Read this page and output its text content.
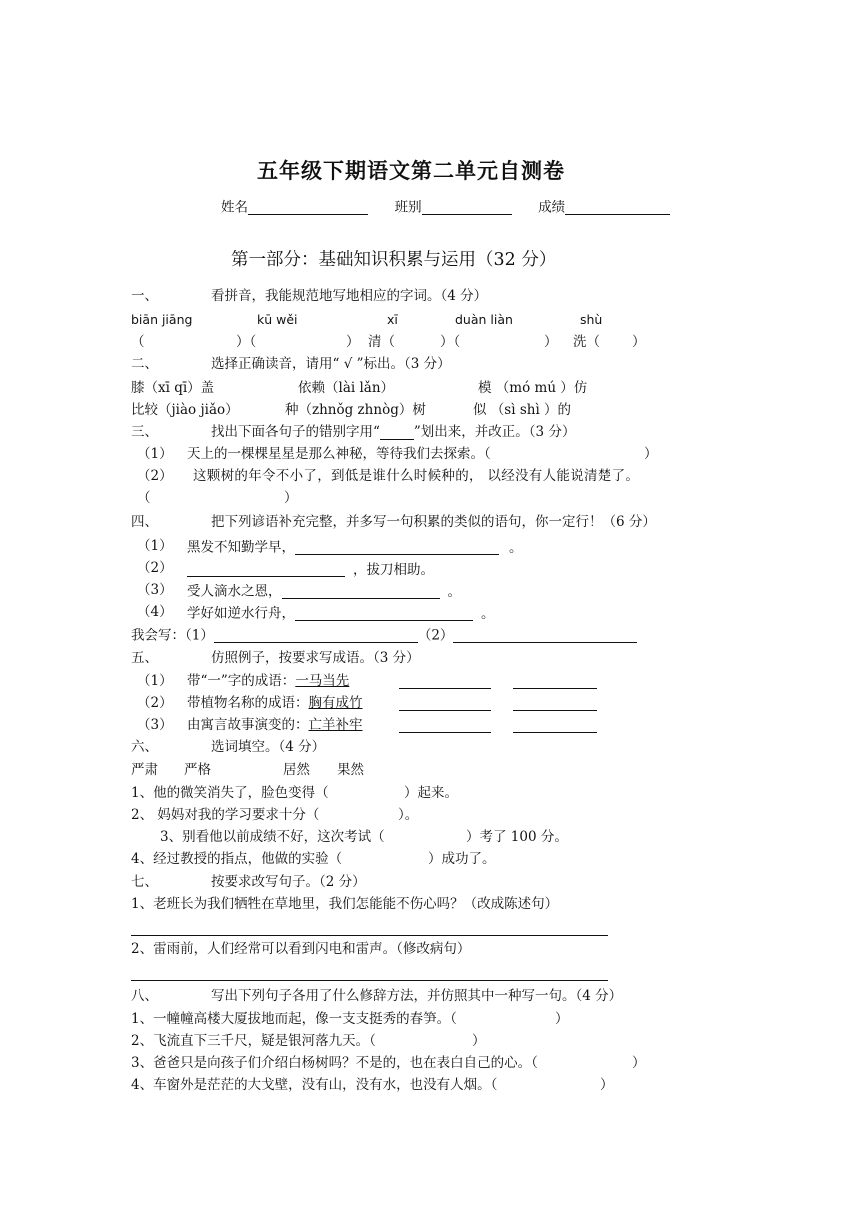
五年级下期语文第二单元自测卷
姓名	班别	成绩
第一部分：基础知识积累与运用（32 分）
一、	看拼音，我能规范地写地相应的字词。（4 分）
biān jiāng	kū wěi	xī	duàn liàn	shù
（	）（	） 清（	）（	） 洗（ ）
二、	选择正确读音，请用“ √ ”标出。（3 分）
膝（xī qī）盖	依赖（lài lǎn）	模 （mó mú ）仿
比较（jiào jiǎo）	种（zhnǒg zhnòg）树	似 （sì shì ）的
三、	找出下面各句子的错别字用“	”划出来，并改正。（3 分）
（1） 天上的一棵棵星星是那么神秘，等待我们去探索。（	）
（2） 这颗树的年令不小了，到低是谁什么时候种的， 以经没有人能说清楚了。
（	）
四、	把下列谚语补充完整，并多写一句积累的类似的语句，你一定行！（6 分）
（1） 黑发不知勤学早，	。
（2）	，拔刀相助。
（3） 受人滴水之恩，	。
（4） 学好如逆水行舟，	。
我会写：（1）	（2）
五、	仿照例子，按要求写成语。（3 分）
（1） 带“一”字的成语：一马当先
（2） 带植物名称的成语：胸有成竹
（3） 由寓言故事演变的：亡羊补牢
六、	选词填空。（4 分）
严肃 严格	居然 果然
1、他的微笑消失了，脸色变得（	）起来。
2、 妈妈对我的学习要求十分（	）。
3、别看他以前成绩不好，这次考试（	）考了 100 分。
4、经过教授的指点，他做的实验（	）成功了。
七、	按要求改写句子。（2 分）
1、老班长为我们牺牲在草地里，我们怎能能不伤心吗？（改成陈述句）
2、雷雨前，人们经常可以看到闪电和雷声。（修改病句）
八、	写出下列句子各用了什么修辞方法，并仿照其中一种写一句。（4 分）
1、一幢幢高楼大厦拔地而起，像一支支挺秀的春笋。（	）
2、飞流直下三千尺，疑是银河落九天。（	）
3、爸爸只是向孩子们介绍白杨树吗？不是的，也在表白自己的心。（	）
4、车窗外是茫茫的大戈壁，没有山，没有水，也没有人烟。（	）
